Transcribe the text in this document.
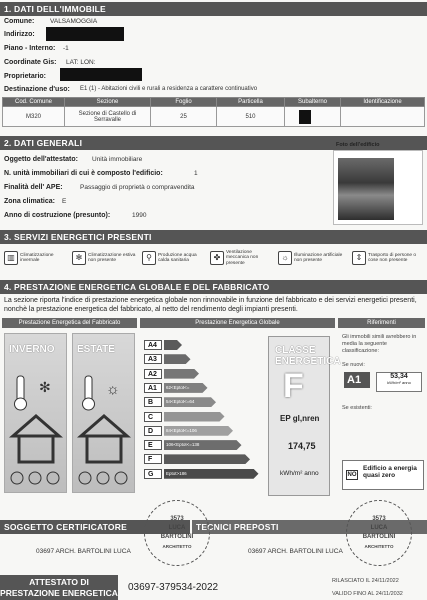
1. DATI DELL'IMMOBILE
Comune: VALSAMOGGIA
Indirizzo:
Piano - Interno: -1
Coordinate Gis: LAT: LON:
Proprietario:
Destinazione d'uso: E1 (1) - Abitazioni civili e rurali a residenza a carattere continuativo
Cod. Comune	Sezione	Foglio	Particella	Subalterno	Identificazione
M320	Sezione di Castello di Serravalle	25	510	

2. DATI GENERALI
Oggetto dell'attestato: Unità immobiliare
N. unità immobiliari di cui è composto l'edificio:	1
Finalità dell' APE:	Passaggio di proprietà o compravendita
Zona climatica: E
Anno di costruzione (presunto):	1990
Foto dell'edificio
3. SERVIZI ENERGETICI PRESENTI
▥	Climatizzazione invernale	✻	Climatizzazione estiva non presente	⚲	Produzione acqua calda sanitaria	✤	Ventilazione meccanica non presente
☼	Illuminazione artificiale non presente	⇕	Trasporto di persone o cose non presente
4. PRESTAZIONE ENERGETICA GLOBALE E DEL FABBRICATO
La sezione riporta l'indice di prestazione energetica globale non rinnovabile in funzione del fabbricato e dei servizi energetici presenti, nonchè la prestazione energetica del fabbricato, al netto del rendimento degli impianti presenti.
Prestazione Energetica del Fabbricato	Prestazione Energetica Globale	Riferimenti
INVERNO
✻
ESTATE
☼
A4
A3
A2
A1	62<Eptot<=
B	54<Eptot<=64
C
D	84<Eptot<=106
E	106<Eptot<=138
F
G	Eptot>186
CLASSE ENERGETICA
F
EP gl,nren
174,75
kWh/m² anno
Gli immobili simili avrebbero in media la seguente classificazione:
Se nuovi:
A1	53,34
kWh/m² anno
Se esistenti:
NO
Edificio a energia quasi zero
SOGGETTO CERTIFICATORE	TECNICI PREPOSTI
03697 ARCH. BARTOLINI LUCA	03697 ARCH. BARTOLINI LUCA
3573
LUCA
BARTOLINI
ARCHITETTO
3573
LUCA
BARTOLINI
ARCHITETTO
RILASCIATO IL 24/11/2022
VALIDO FINO AL 24/11/2032
ATTESTATO DI
PRESTAZIONE ENERGETICA 03697-379534-2022
